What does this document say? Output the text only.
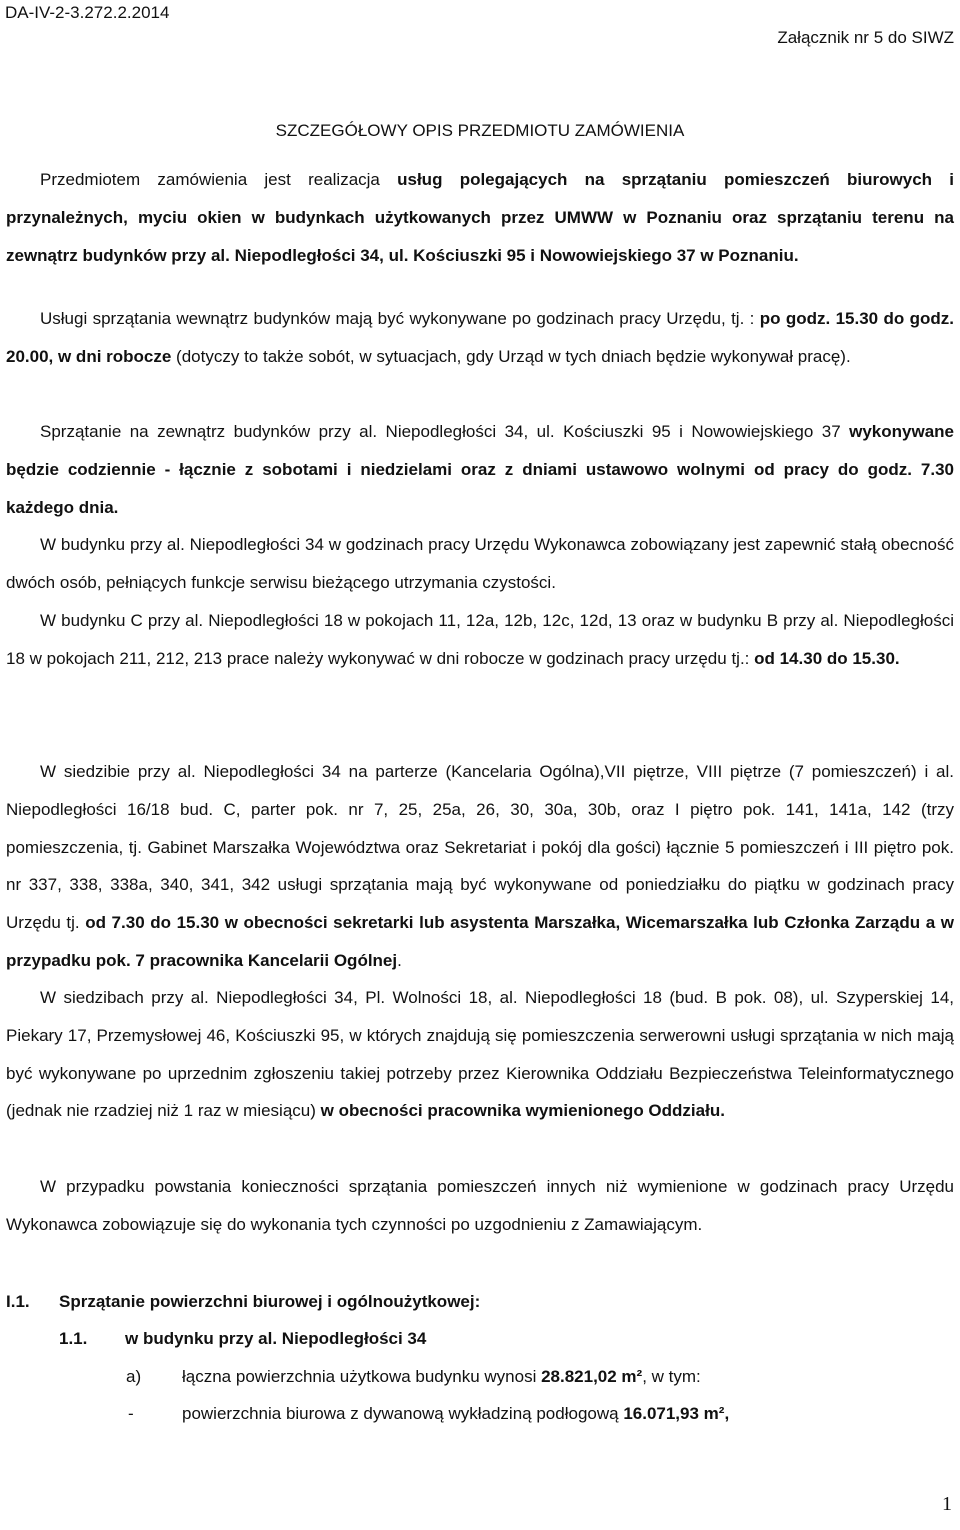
DA-IV-2-3.272.2.2014
Załącznik nr 5 do SIWZ
SZCZEGÓŁOWY OPIS PRZEDMIOTU ZAMÓWIENIA
Przedmiotem zamówienia jest realizacja usług polegających na sprzątaniu pomieszczeń biurowych i przynależnych, myciu okien w budynkach użytkowanych przez UMWW w Poznaniu oraz sprzątaniu terenu na zewnątrz budynków przy al. Niepodległości 34, ul. Kościuszki 95 i Nowowiejskiego 37 w Poznaniu.
Usługi sprzątania wewnątrz budynków mają być wykonywane po godzinach pracy Urzędu, tj. : po godz. 15.30 do godz. 20.00, w dni robocze (dotyczy to także sobót, w sytuacjach, gdy Urząd w tych dniach będzie wykonywał pracę).
Sprzątanie na zewnątrz budynków przy al. Niepodległości 34, ul. Kościuszki 95 i Nowowiejskiego 37 wykonywane będzie codziennie - łącznie z sobotami i niedzielami oraz z dniami ustawowo wolnymi od pracy do godz. 7.30 każdego dnia.
W budynku przy al. Niepodległości 34 w godzinach pracy Urzędu Wykonawca zobowiązany jest zapewnić stałą obecność dwóch osób, pełniących funkcje serwisu bieżącego utrzymania czystości.
W budynku C przy al. Niepodległości 18 w pokojach 11, 12a, 12b, 12c, 12d, 13 oraz w budynku B przy al. Niepodległości 18 w pokojach 211, 212, 213 prace należy wykonywać w dni robocze w godzinach pracy urzędu tj.: od 14.30 do 15.30.
W siedzibie przy al. Niepodległości 34 na parterze (Kancelaria Ogólna),VII piętrze, VIII piętrze (7 pomieszczeń) i al. Niepodległości 16/18 bud. C, parter pok. nr 7, 25, 25a, 26, 30, 30a, 30b, oraz I piętro pok. 141, 141a, 142 (trzy pomieszczenia, tj. Gabinet Marszałka Województwa oraz Sekretariat i pokój dla gości) łącznie 5 pomieszczeń i III piętro pok. nr 337, 338, 338a, 340, 341, 342 usługi sprzątania mają być wykonywane od poniedziałku do piątku w godzinach pracy Urzędu tj. od 7.30 do 15.30 w obecności sekretarki lub asystenta Marszałka, Wicemarszałka lub Członka Zarządu a w przypadku pok. 7 pracownika Kancelarii Ogólnej.
W siedzibach przy al. Niepodległości 34, Pl. Wolności 18, al. Niepodległości 18 (bud. B pok. 08), ul. Szyperskiej 14, Piekary 17, Przemysłowej 46, Kościuszki 95, w których znajdują się pomieszczenia serwerowni usługi sprzątania w nich mają być wykonywane po uprzednim zgłoszeniu takiej potrzeby przez Kierownika Oddziału Bezpieczeństwa Teleinformatycznego (jednak nie rzadziej niż 1 raz w miesiącu) w obecności pracownika wymienionego Oddziału.
W przypadku powstania konieczności sprzątania pomieszczeń innych niż wymienione w godzinach pracy Urzędu Wykonawca zobowiązuje się do wykonania tych czynności po uzgodnieniu z Zamawiającym.
I.1. Sprzątanie powierzchni biurowej i ogólnoużytkowej:
1.1. w budynku przy al. Niepodległości 34
a) łączna powierzchnia użytkowa budynku wynosi 28.821,02 m², w tym:
-	powierzchnia biurowa z dywanową wykładziną podłogową 16.071,93 m²,
1
